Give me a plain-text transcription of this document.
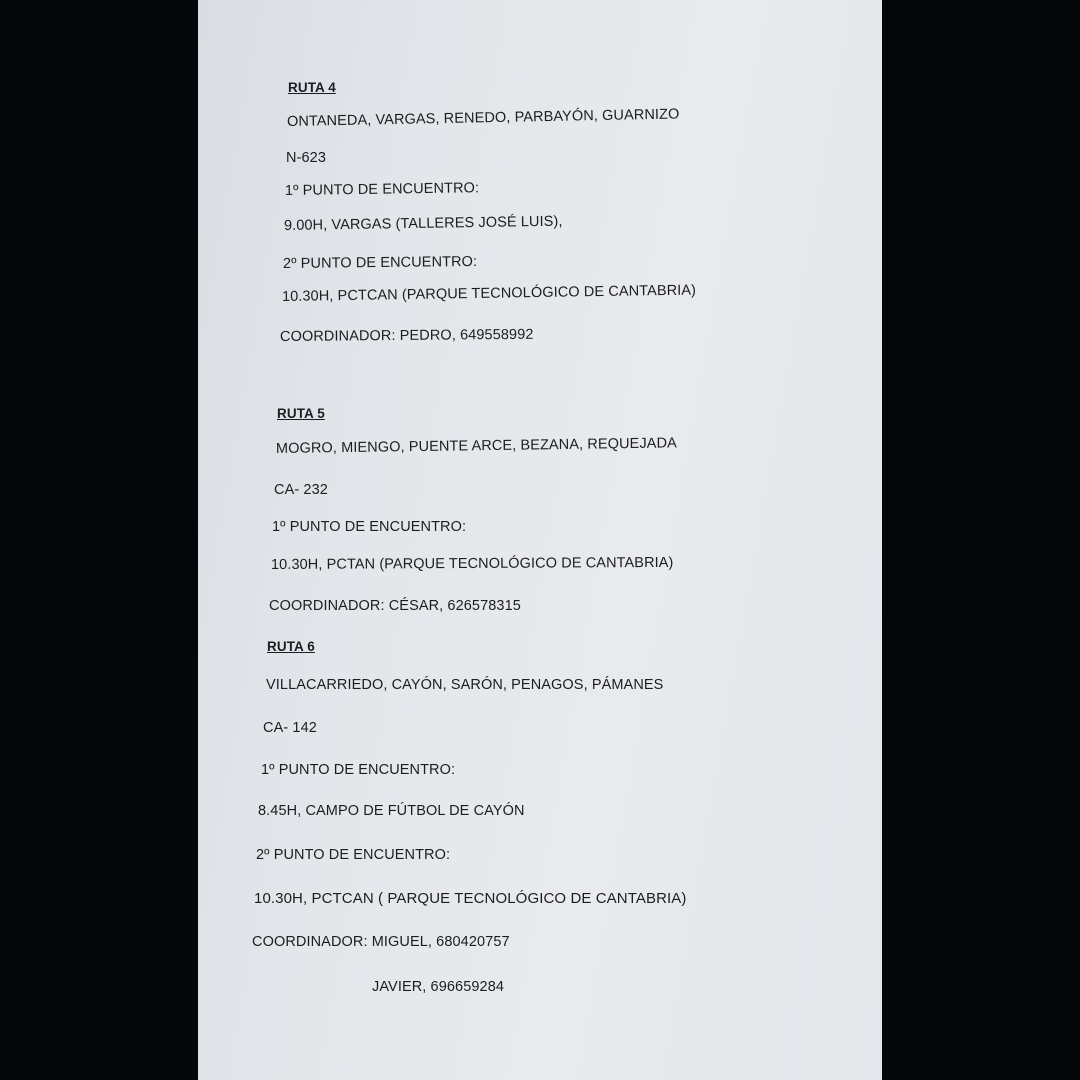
RUTA 4
ONTANEDA, VARGAS, RENEDO, PARBAYÓN, GUARNIZO
N-623
1º PUNTO DE ENCUENTRO:
9.00H, VARGAS (TALLERES JOSÉ LUIS),
2º PUNTO DE ENCUENTRO:
10.30H, PCTCAN (PARQUE TECNOLÓGICO DE CANTABRIA)
COORDINADOR: PEDRO, 649558992
RUTA 5
MOGRO, MIENGO, PUENTE ARCE, BEZANA, REQUEJADA
CA- 232
1º PUNTO DE ENCUENTRO:
10.30H, PCTAN (PARQUE TECNOLÓGICO DE CANTABRIA)
COORDINADOR: CÉSAR, 626578315
RUTA 6
VILLACARRIEDO, CAYÓN, SARÓN, PENAGOS, PÁMANES
CA- 142
1º PUNTO DE ENCUENTRO:
8.45H, CAMPO DE FÚTBOL DE CAYÓN
2º PUNTO DE ENCUENTRO:
10.30H, PCTCAN ( PARQUE TECNOLÓGICO DE CANTABRIA)
COORDINADOR: MIGUEL, 680420757
JAVIER, 696659284
